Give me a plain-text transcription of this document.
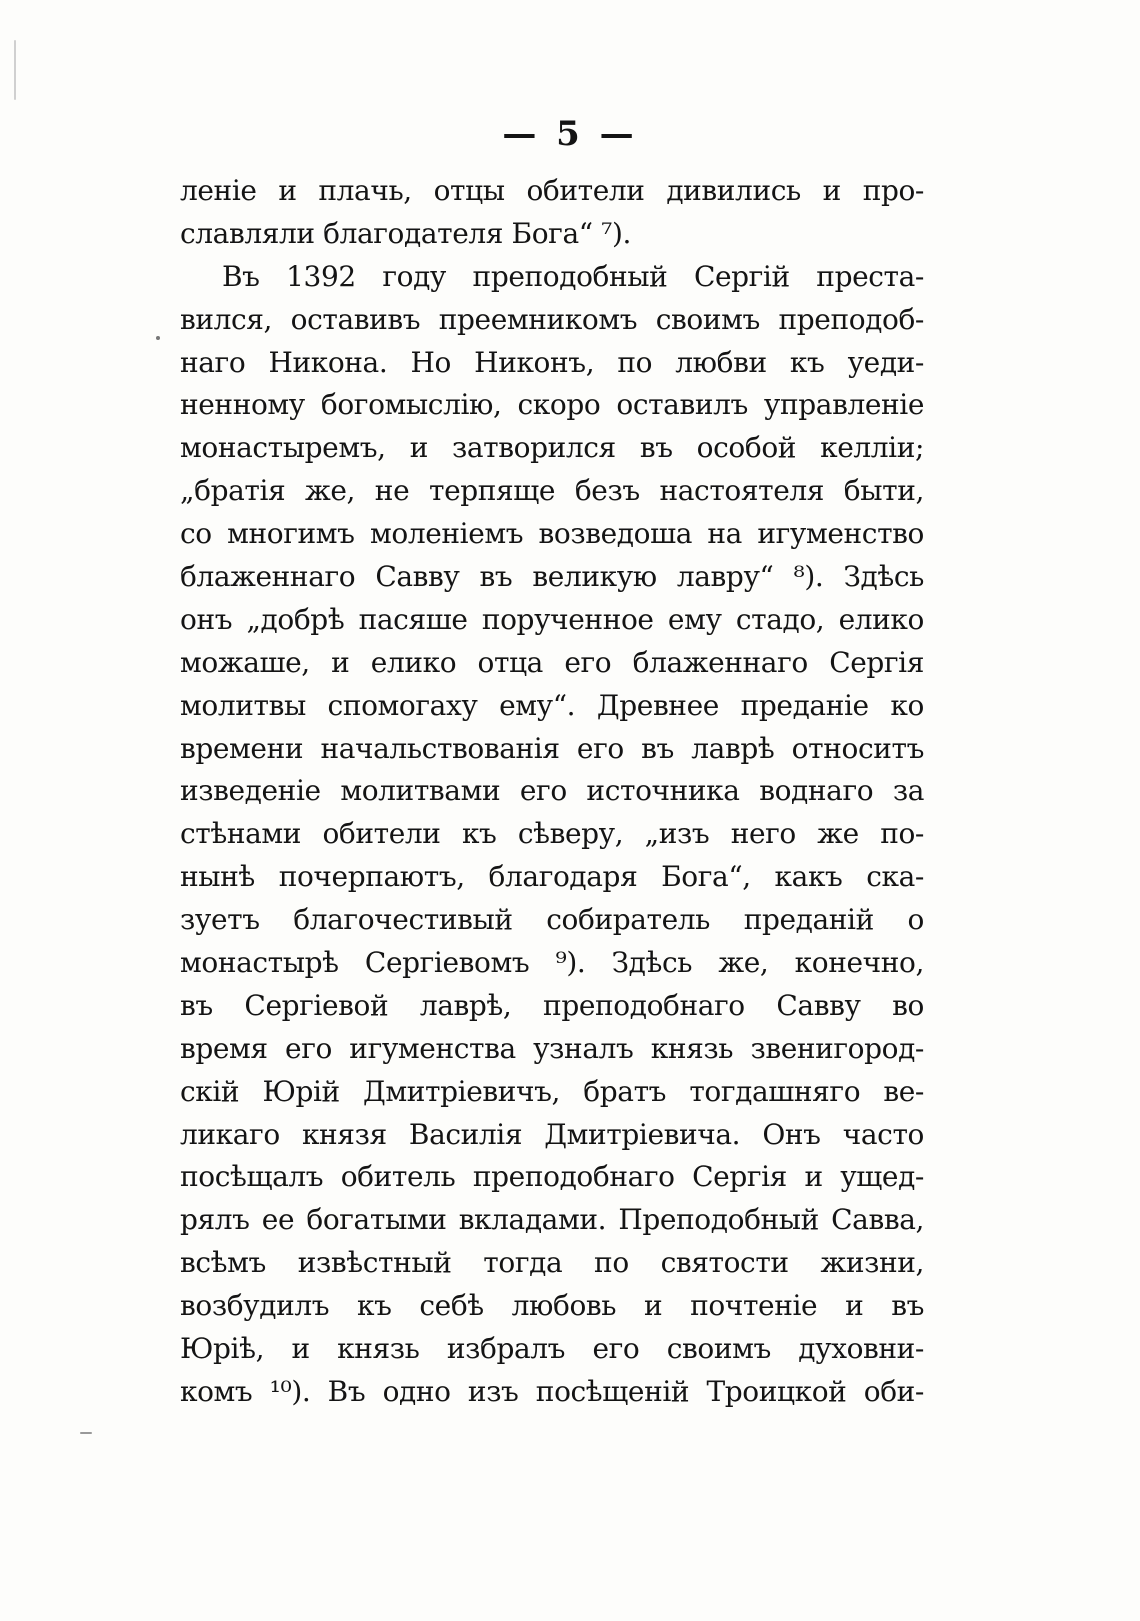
— 5 —
леніе и плачь, отцы обители дивились и про-
славляли благодателя Бога“ ⁷).
Въ 1392 году преподобный Сергій преста-
вился, оставивъ преемникомъ своимъ преподоб-
наго Никона. Но Никонъ, по любви къ уеди-
ненному богомыслію, скоро оставилъ управленіе
монастыремъ, и затворился въ особой келліи;
„братія же, не терпяще безъ настоятеля быти,
со многимъ моленіемъ возведоша на игуменство
блаженнаго Савву въ великую лавру“ ⁸). Здѣсь
онъ „добрѣ пасяше порученное ему стадо, елико
можаше, и елико отца его блаженнаго Сергія
молитвы спомогаху ему“. Древнее преданіе ко
времени начальствованія его въ лаврѣ относитъ
изведеніе молитвами его источника воднаго за
стѣнами обители къ сѣверу, „изъ него же по-
нынѣ почерпаютъ, благодаря Бога“, какъ ска-
зуетъ благочестивый собиратель преданій о
монастырѣ Сергіевомъ ⁹). Здѣсь же, конечно,
въ Сергіевой лаврѣ, преподобнаго Савву во
время его игуменства узналъ князь звенигород-
скій Юрій Дмитріевичъ, братъ тогдашняго ве-
ликаго князя Василія Дмитріевича. Онъ часто
посѣщалъ обитель преподобнаго Сергія и ущед-
рялъ ее богатыми вкладами. Преподобный Савва,
всѣмъ извѣстный тогда по святости жизни,
возбудилъ къ себѣ любовь и почтеніе и въ
Юріѣ, и князь избралъ его своимъ духовни-
комъ ¹⁰). Въ одно изъ посѣщеній Троицкой оби-
